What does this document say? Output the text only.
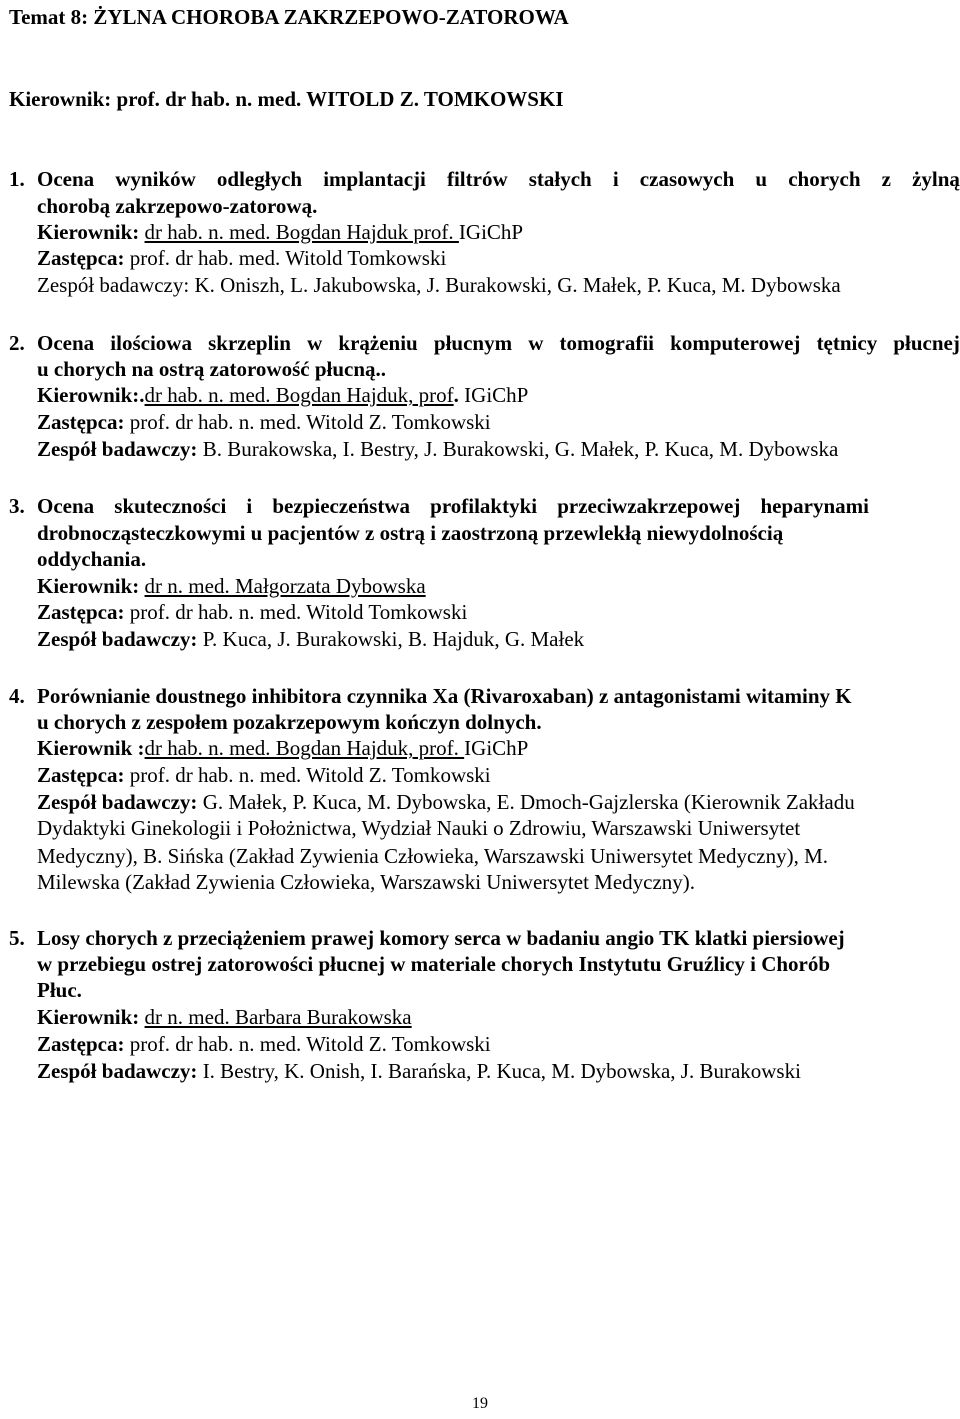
Temat 8: ŻYLNA CHOROBA ZAKRZEPOWO-ZATOROWA
Kierownik: prof. dr hab. n. med. WITOLD Z. TOMKOWSKI
1. Ocena wyników odległych implantacji filtrów stałych i czasowych u chorych z żylną
chorobą zakrzepowo-zatorową.
Kierownik: dr hab. n. med. Bogdan Hajduk prof. IGiChP
Zastępca: prof. dr hab. med. Witold Tomkowski
Zespół badawczy: K. Oniszh, L. Jakubowska, J. Burakowski, G. Małek, P. Kuca, M. Dybowska
2. Ocena ilościowa skrzeplin w krążeniu płucnym w tomografii komputerowej tętnicy płucnej
u chorych na ostrą zatorowość płucną..
Kierownik:.dr hab. n. med. Bogdan Hajduk, prof. IGiChP
Zastępca: prof. dr hab. n. med. Witold Z. Tomkowski
Zespół badawczy: B. Burakowska, I. Bestry, J. Burakowski, G. Małek, P. Kuca, M. Dybowska
3. Ocena skuteczności i bezpieczeństwa profilaktyki przeciwzakrzepowej heparynami
drobnocząsteczkowymi u pacjentów z ostrą i zaostrzoną przewlekłą niewydolnością
oddychania.
Kierownik: dr n. med. Małgorzata Dybowska
Zastępca: prof. dr hab. n. med. Witold Tomkowski
Zespół badawczy: P. Kuca, J. Burakowski, B. Hajduk, G. Małek
4. Porównianie doustnego inhibitora czynnika Xa (Rivaroxaban) z antagonistami witaminy K
u chorych z zespołem pozakrzepowym kończyn dolnych.
Kierownik :dr hab. n. med. Bogdan Hajduk, prof. IGiChP
Zastępca: prof. dr hab. n. med. Witold Z. Tomkowski
Zespół badawczy: G. Małek, P. Kuca, M. Dybowska, E. Dmoch-Gajzlerska (Kierownik Zakładu
Dydaktyki Ginekologii i Położnictwa, Wydział Nauki o Zdrowiu, Warszawski Uniwersytet
Medyczny), B. Sińska (Zakład Zywienia Człowieka, Warszawski Uniwersytet Medyczny), M.
Milewska (Zakład Zywienia Człowieka, Warszawski Uniwersytet Medyczny).
5. Losy chorych z przeciążeniem prawej komory serca w badaniu angio TK klatki piersiowej
w przebiegu ostrej zatorowości płucnej w materiale chorych Instytutu Gruźlicy i Chorób
Płuc.
Kierownik: dr n. med. Barbara Burakowska
Zastępca: prof. dr hab. n. med. Witold Z. Tomkowski
Zespół badawczy: I. Bestry, K. Onish, I. Barańska, P. Kuca, M. Dybowska, J. Burakowski
19
